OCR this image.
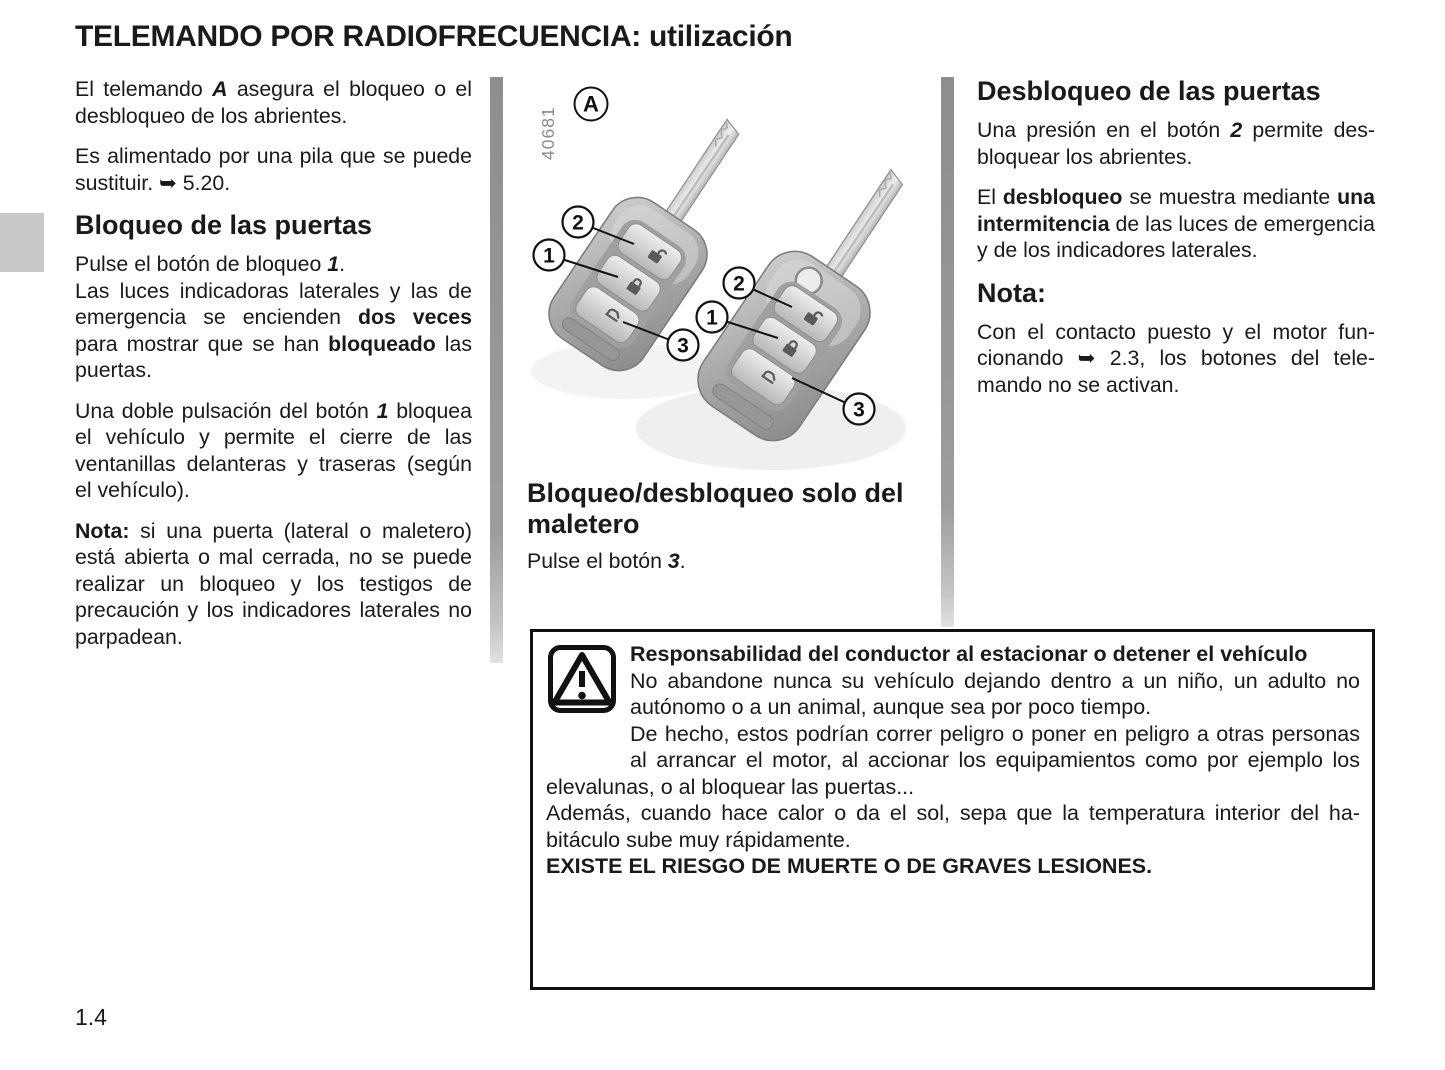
TELEMANDO POR RADIOFRECUENCIA: utilización

El telemando A asegura el bloqueo o el desbloqueo de los abrientes.

Es alimentado por una pila que se puede sustituir. ➥ 5.20.

Bloqueo de las puertas

Pulse el botón de bloqueo 1.

Las luces indicadoras laterales y las de emergencia se encienden dos veces para mostrar que se han bloqueado las puertas.

Una doble pulsación del botón 1 bloquea el vehículo y permite el cierre de las ventanillas delanteras y traseras (según el vehículo).

Nota: si una puerta (lateral o maletero) está abierta o mal cerrada, no se puede realizar un bloqueo y los testigos de precaución y los indicadores laterales no parpadean.

40681
A
2
1
3
2
1
3
Bloqueo/desbloqueo solo del maletero

Pulse el botón 3.

Desbloqueo de las puertas

Una presión en el botón 2 permite desbloquear los abrientes.

El desbloqueo se muestra mediante una intermitencia de las luces de emergencia y de los indicadores laterales.

Nota:

Con el contacto puesto y el motor funcionando ➥ 2.3, los botones del telemando no se activan.

Responsabilidad del conductor al estacionar o detener el vehículo

No abandone nunca su vehículo dejando dentro a un niño, un adulto no autónomo o a un animal, aunque sea por poco tiempo.

De hecho, estos podrían correr peligro o poner en peligro a otras personas al arrancar el motor, al accionar los equipamientos como por ejemplo los elevalunas, o al bloquear las puertas...

Además, cuando hace calor o da el sol, sepa que la temperatura interior del habitáculo sube muy rápidamente.

EXISTE EL RIESGO DE MUERTE O DE GRAVES LESIONES.

1.4
